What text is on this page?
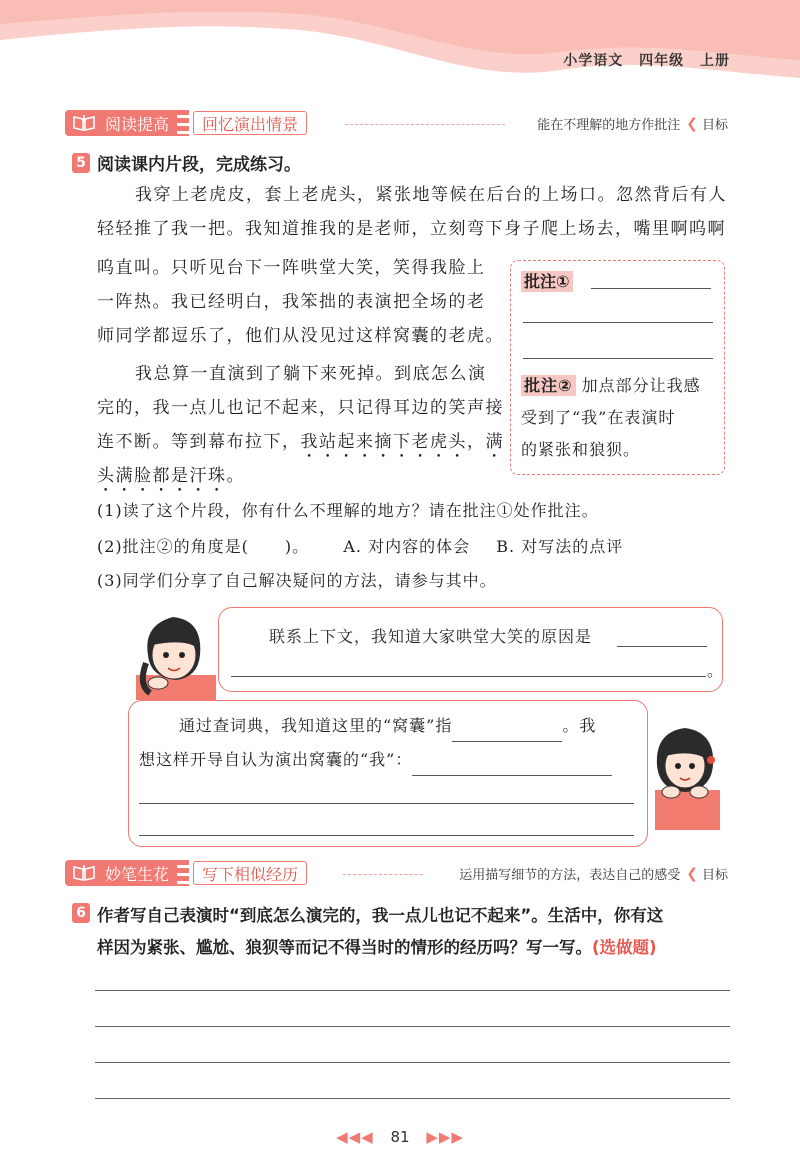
小学语文 四年级 上册
阅读提高	回忆演出情景	能在不理解的地方作批注 ❮ 目标
5 阅读课内片段，完成练习。
我穿上老虎皮，套上老虎头，紧张地等候在后台的上场口。忽然背后有人
轻轻推了我一把。我知道推我的是老师，立刻弯下身子爬上场去，嘴里啊呜啊
呜直叫。只听见台下一阵哄堂大笑，笑得我脸上
一阵热。我已经明白，我笨拙的表演把全场的老
师同学都逗乐了，他们从没见过这样窝囊的老虎。
我总算一直演到了躺下来死掉。到底怎么演
完的，我一点儿也记不起来，只记得耳边的笑声接
连不断。等到幕布拉下，我站起来摘下老虎头，满
头满脸都是汗珠。
批注①
批注② 加点部分让我感
受到了“我”在表演时
的紧张和狼狈。
(1)读了这个片段，你有什么不理解的地方？请在批注①处作批注。
(2)批注②的角度是( )。 A. 对内容的体会 B. 对写法的点评
(3)同学们分享了自己解决疑问的方法，请参与其中。
联系上下文，我知道大家哄堂大笑的原因是
。
通过查词典，我知道这里的“窝囊”指	。我
想这样开导自认为演出窝囊的“我”：
妙笔生花	写下相似经历	运用描写细节的方法，表达自己的感受 ❮ 目标
6 作者写自己表演时“到底怎么演完的，我一点儿也记不起来”。生活中，你有这
样因为紧张、尴尬、狼狈等而记不得当时的情形的经历吗？写一写。(选做题)
◀◀◀ 81 ▶▶▶
